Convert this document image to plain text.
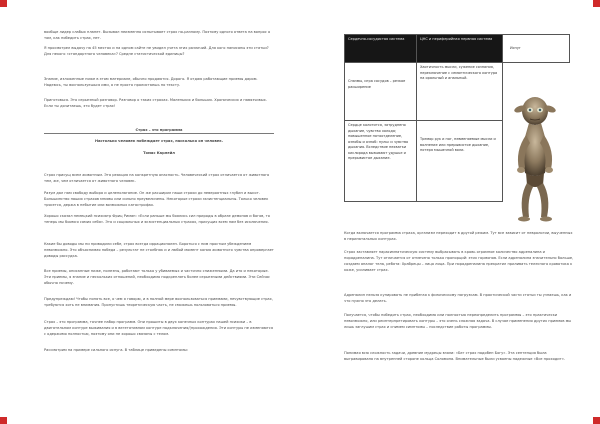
вообще лидер слабых планет. Вызывал неизменно испытывает страх по-разному. Поэтому одного ответа на вопрос о том, как победить страх, нет.

Я просмотрел выдачу на 45 местах и на одном сайте не увидел учета этих различий. Для кого написаны эти статьи? Для некого «стандартного человека»? Средне статистической единицы?

Знание, изложенные ниже в этом материале, обычно продаются. Дорого. Я отдаю работающие приемы даром. Надеюсь, ты воспользуешься ими, а не просто пролистаешь по тексту.

Приготовься. Это серьезный разговор. Разговор о таких страхах. Маленьких и больших. Хронических и навязчивых. Если ты дочитаешь, это будет страх!

Страх – это программа

Настолько человек побеждает страх, насколько он человек.

Томас Карлейл

Страх присущ всем животным. Эта реакция на конкретную опасность. Человеческий страх отличается от животного тем, же, чем отличается от животного человек.

Разум дал нам свободу выбора и целеполагание. Он же расширил наши страхи до невероятных глубин и высот. Большинство наших страхов мнимы или сильно преувеличены. Некоторые страхи экзистенциальны. Только человек трясется, держа в небытие или возможных катастрофах.

Хорошо сказал немецкий психиатр Фриц Риман: «Если раньше мы боялись сил природы в образе демонов и богов, то теперь мы боимся самих себя». Это и социальных и экзистенциальных страхах, присущих всем нам без исключения.

Какие бы доводы мы ни приводили себе, страх всегда иррационален. Бороться с ним простым убеждением невозможно. Это объяснимая победа – результат не столбняк и и любой момент копия животного чувства опровергает доводы рассудка.

Все приемы, описанные ниже, полезны, работают только у убиваемых и частично сниженными. Да ито и некоторые. Эти приемы, я знание и нескольких отношений, необходимо подкреплять более серьезными действиями. Эти Сейчас обычно почему.

Предупреждаю! Чтобы понять все, о чем я говорю, и в полной мере воспользоваться приемами, нечувствующие страх, требуются хоть не внимания. Пропустишь теоретическую часть, не сможешь пользоваться приемы.

Страх – это программа, точнее набор программ. Они прошиты в двух конечных контурах нашей психики – в двигательном контуре выживания и в вегетативном контуре подключения/(прохождения. Эти контуры не изменяются с одержимо полностью, поэтому они не хорошо связаны с телом.

Рассмотрим на примере сильного испуга. В таблице приведены симптомы:

Сердечно-сосудистая система	ЦНС и периферийная нервная система
Испуг
Спазмы, игра сосудов – резкое расширение
Хаотичность мысли, сужение сознания, переключение с семантического контура на оральный и анальный.
Сердце колотится, затруднено дыхание, чувство холода; повышенное потоотделение, ознобы и озноб: пульс и чувство дыхания. Вследствие нехватки кислорода вызывают удушье и прерывистое дыхание.
Тремор рук и ног, невменяемые мысли и волнение или прерывистое дыхание, потеря мышечной воли.

Когда включается программа страха, организм переходит в другой режим. Тут все зависит от неврологии, выученных в перинатальных контурах.

Страх заставляет парасимпатическую систему выбрасывать в кровь огромное количество адреналина и норадреналина. Тут отличается от отмечено только пропорций: этих гормонов. Если адреналина значительно больше, создаем аналог тела, ребята: Храбрецы – лицо лица. При норадреналина прекратил приливать телесного кровотока к коже, усиливает страх.

Адреналин нельзя купировать не прибегая к физическому нагрузкам. В практической части статьи ты узнаешь, как и что нужно это делать.

Получается, чтобы победить страх, необходимо или полностью переопределить программы – это практически невозможно, или реинтерпретировать контуры – это очень сложная задача. В случае применения других приемов мы лишь заглушим страх и снимем симптомы – последствие работы программы.

Понимая всю сложность задачи, древние мудрецы взяли: «Бег страх подобен Богу». Эта сентенция была выгравирована на внутренней стороне кольца Соломона. Внимательные были усвоены надежные «Все проходит».
